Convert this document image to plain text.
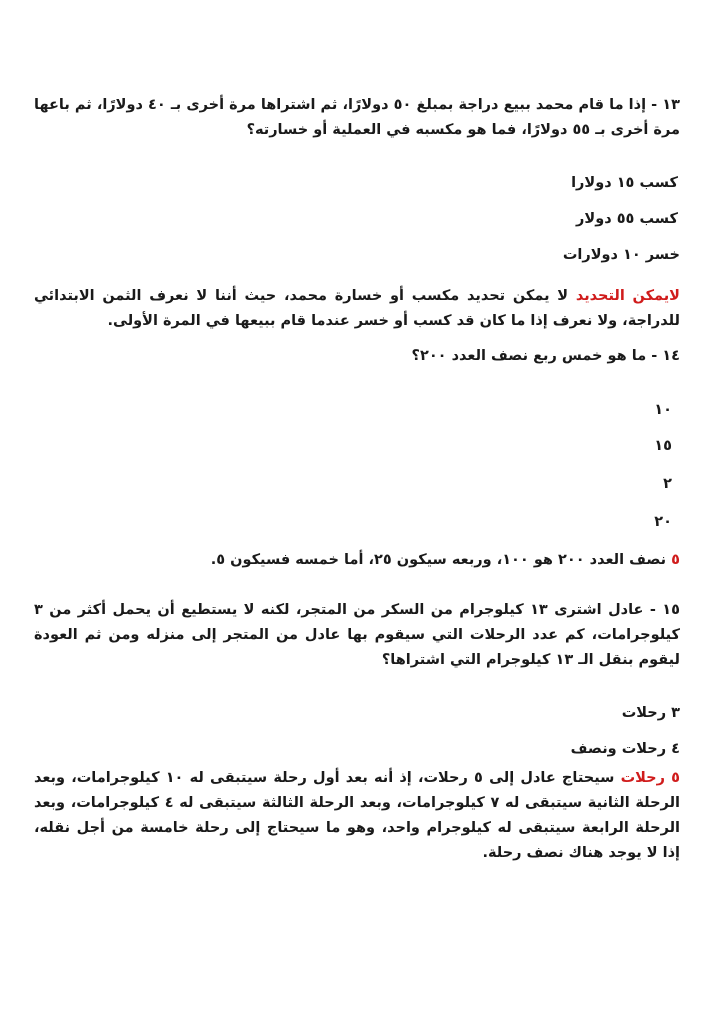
١٣ - إذا ما قام محمد ببيع دراجة بمبلغ ٥٠ دولارًا، ثم اشتراها مرة أخرى بـ ٤٠ دولارًا، ثم باعها مرة أخرى بـ ٥٥ دولارًا، فما هو مكسبه في العملية أو خسارته؟
كسب ١٥ دولارا
كسب ٥٥ دولار
خسر ١٠ دولارات
لايمكن التحديد لا يمكن تحديد مكسب أو خسارة محمد، حيث أننا لا نعرف الثمن الابتدائي للدراجة، ولا نعرف إذا ما كان قد كسب أو خسر عندما قام ببيعها في المرة الأولى.
١٤ - ما هو خمس ربع نصف العدد ٢٠٠؟
١٠
١٥
٢
٢٠
٥ نصف العدد ٢٠٠ هو ١٠٠، وربعه سيكون ٢٥، أما خمسه فسيكون ٥.
١٥ - عادل اشترى ١٣ كيلوجرام من السكر من المتجر، لكنه لا يستطيع أن يحمل أكثر من ٣ كيلوجرامات، كم عدد الرحلات التي سيقوم بها عادل من المتجر إلى منزله ومن ثم العودة ليقوم بنقل الـ ١٣ كيلوجرام التي اشتراها؟
٣ رحلات
٤ رحلات ونصف
٥ رحلات سيحتاج عادل إلى ٥ رحلات، إذ أنه بعد أول رحلة سيتبقى له ١٠ كيلوجرامات، وبعد الرحلة الثانية سيتبقى له ٧ كيلوجرامات، وبعد الرحلة الثالثة سيتبقى له ٤ كيلوجرامات، وبعد الرحلة الرابعة سيتبقى له كيلوجرام واحد، وهو ما سيحتاج إلى رحلة خامسة من أجل نقله، إذا لا يوجد هناك نصف رحلة.
